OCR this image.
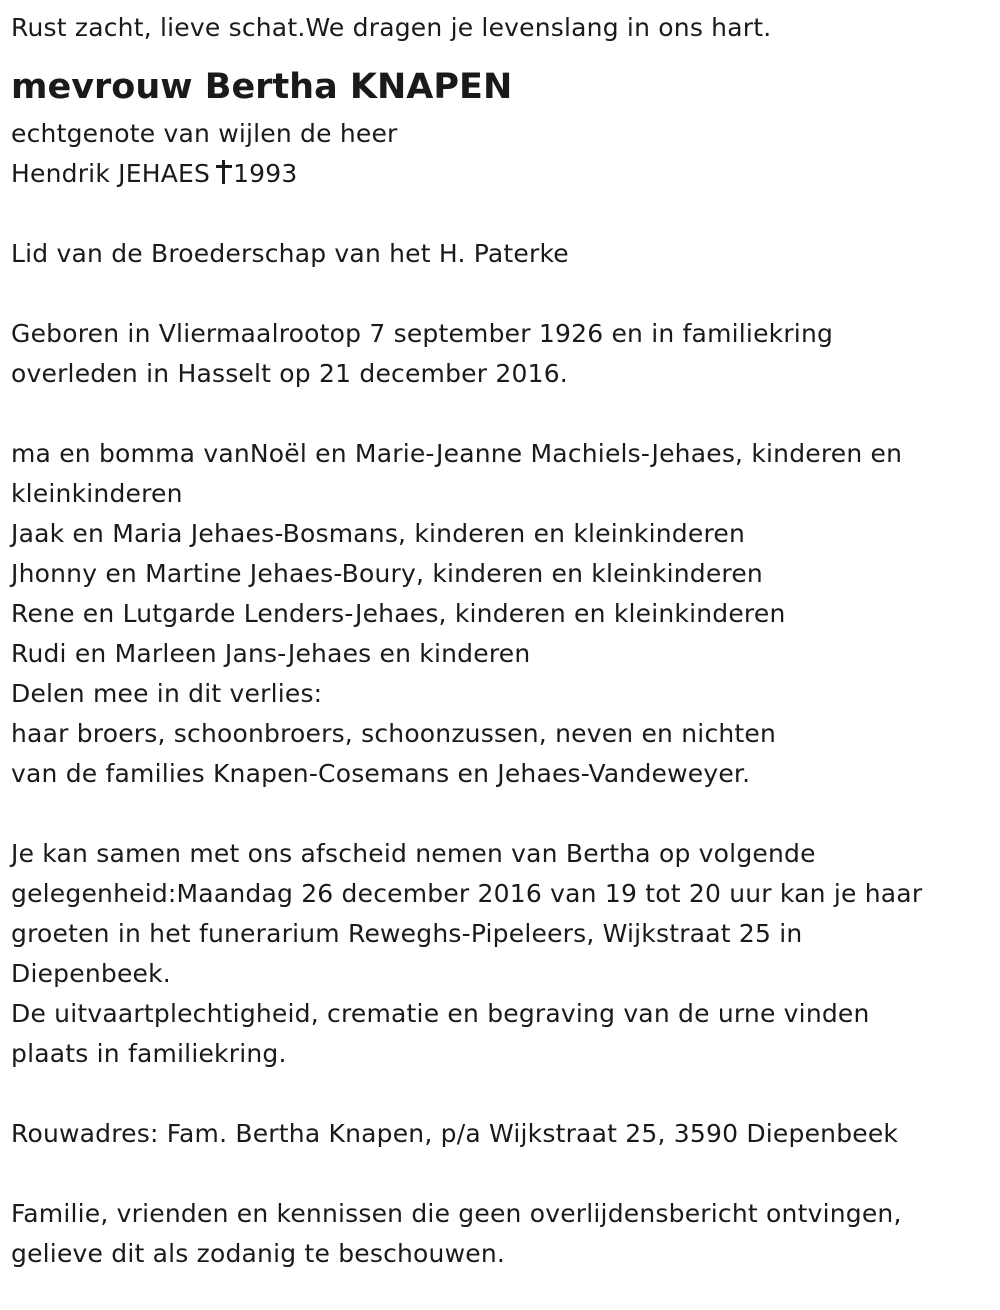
Rust zacht, lieve schat.We dragen je levenslang in ons hart.
mevrouw Bertha KNAPEN
echtgenote van wijlen de heer
Hendrik JEHAES 1993
Lid van de Broederschap van het H. Paterke
Geboren in Vliermaalrootop 7 september 1926 en in familiekring
overleden in Hasselt op 21 december 2016.
ma en bomma vanNoël en Marie-Jeanne Machiels-Jehaes, kinderen en
kleinkinderen
Jaak en Maria Jehaes-Bosmans, kinderen en kleinkinderen
Jhonny en Martine Jehaes-Boury, kinderen en kleinkinderen
Rene en Lutgarde Lenders-Jehaes, kinderen en kleinkinderen
Rudi en Marleen Jans-Jehaes en kinderen
Delen mee in dit verlies:
haar broers, schoonbroers, schoonzussen, neven en nichten
van de families Knapen-Cosemans en Jehaes-Vandeweyer.
Je kan samen met ons afscheid nemen van Bertha op volgende
gelegenheid:Maandag 26 december 2016 van 19 tot 20 uur kan je haar
groeten in het funerarium Reweghs-Pipeleers, Wijkstraat 25 in
Diepenbeek.
De uitvaartplechtigheid, crematie en begraving van de urne vinden
plaats in familiekring.
Rouwadres: Fam. Bertha Knapen, p/a Wijkstraat 25, 3590 Diepenbeek
Familie, vrienden en kennissen die geen overlijdensbericht ontvingen,
gelieve dit als zodanig te beschouwen.
